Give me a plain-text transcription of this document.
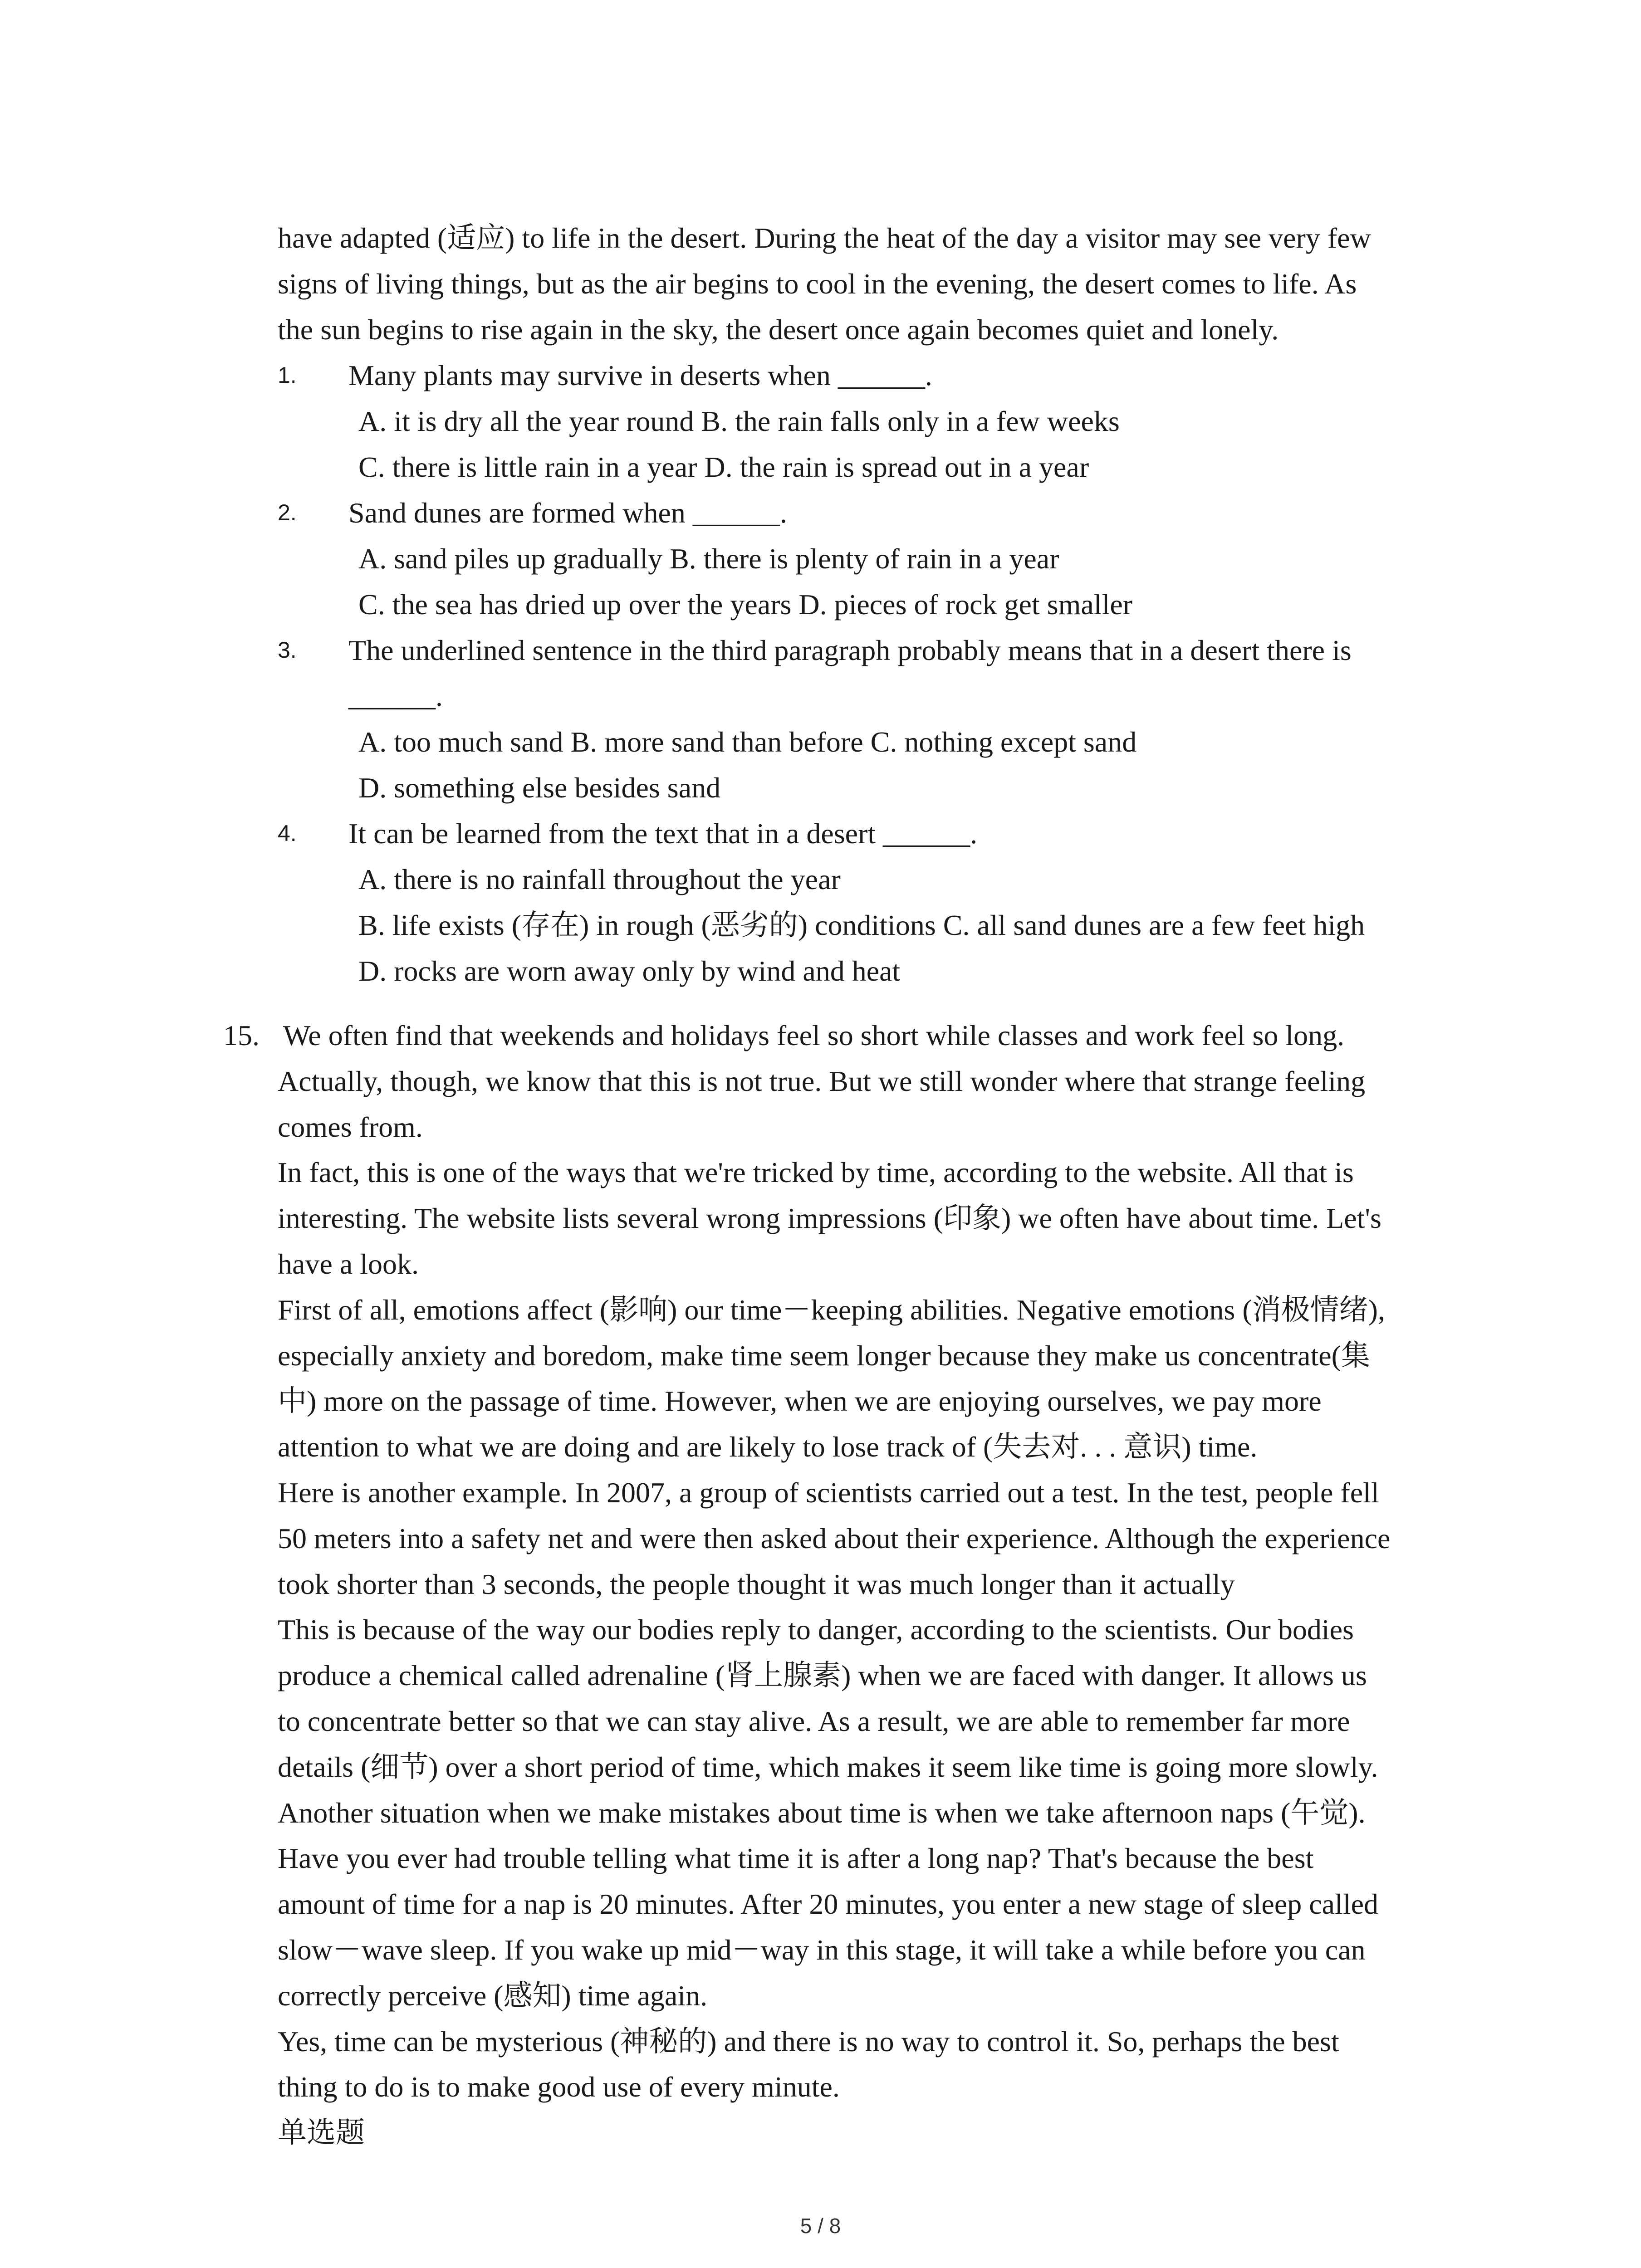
have adapted (适应) to life in the desert. During the heat of the day a visitor may see very few

signs of living things, but as the air begins to cool in the evening, the desert comes to life. As

the sun begins to rise again in the sky, the desert once again becomes quiet and lonely.

1. Many plants may survive in deserts when ______.

A. it is dry all the year round B. the rain falls only in a few weeks

C. there is little rain in a year D. the rain is spread out in a year

2. Sand dunes are formed when ______.

A. sand piles up gradually B. there is plenty of rain in a year

C. the sea has dried up over the years D. pieces of rock get smaller

3. The underlined sentence in the third paragraph probably means that in a desert there is

______.

A. too much sand B. more sand than before C. nothing except sand

D. something else besides sand

4. It can be learned from the text that in a desert ______.

A. there is no rainfall throughout the year

B. life exists (存在) in rough (恶劣的) conditions C. all sand dunes are a few feet high

D. rocks are worn away only by wind and heat

15. We often find that weekends and holidays feel so short while classes and work feel so long.

Actually, though, we know that this is not true. But we still wonder where that strange feeling

comes from.

In fact, this is one of the ways that we're tricked by time, according to the website. All that is

interesting. The website lists several wrong impressions (印象) we often have about time. Let's

have a look.

First of all, emotions affect (影响) our time－keeping abilities. Negative emotions (消极情绪),

especially anxiety and boredom, make time seem longer because they make us concentrate(集

中) more on the passage of time. However, when we are enjoying ourselves, we pay more

attention to what we are doing and are likely to lose track of (失去对. . . 意识) time.

Here is another example. In 2007, a group of scientists carried out a test. In the test, people fell

50 meters into a safety net and were then asked about their experience. Although the experience

took shorter than 3 seconds, the people thought it was much longer than it actually

This is because of the way our bodies reply to danger, according to the scientists. Our bodies

produce a chemical called adrenaline (肾上腺素) when we are faced with danger. It allows us

to concentrate better so that we can stay alive. As a result, we are able to remember far more

details (细节) over a short period of time, which makes it seem like time is going more slowly.

Another situation when we make mistakes about time is when we take afternoon naps (午觉).

Have you ever had trouble telling what time it is after a long nap? That's because the best

amount of time for a nap is 20 minutes. After 20 minutes, you enter a new stage of sleep called

slow－wave sleep. If you wake up mid－way in this stage, it will take a while before you can

correctly perceive (感知) time again.

Yes, time can be mysterious (神秘的) and there is no way to control it. So, perhaps the best

thing to do is to make good use of every minute.

单选题

5 / 8
